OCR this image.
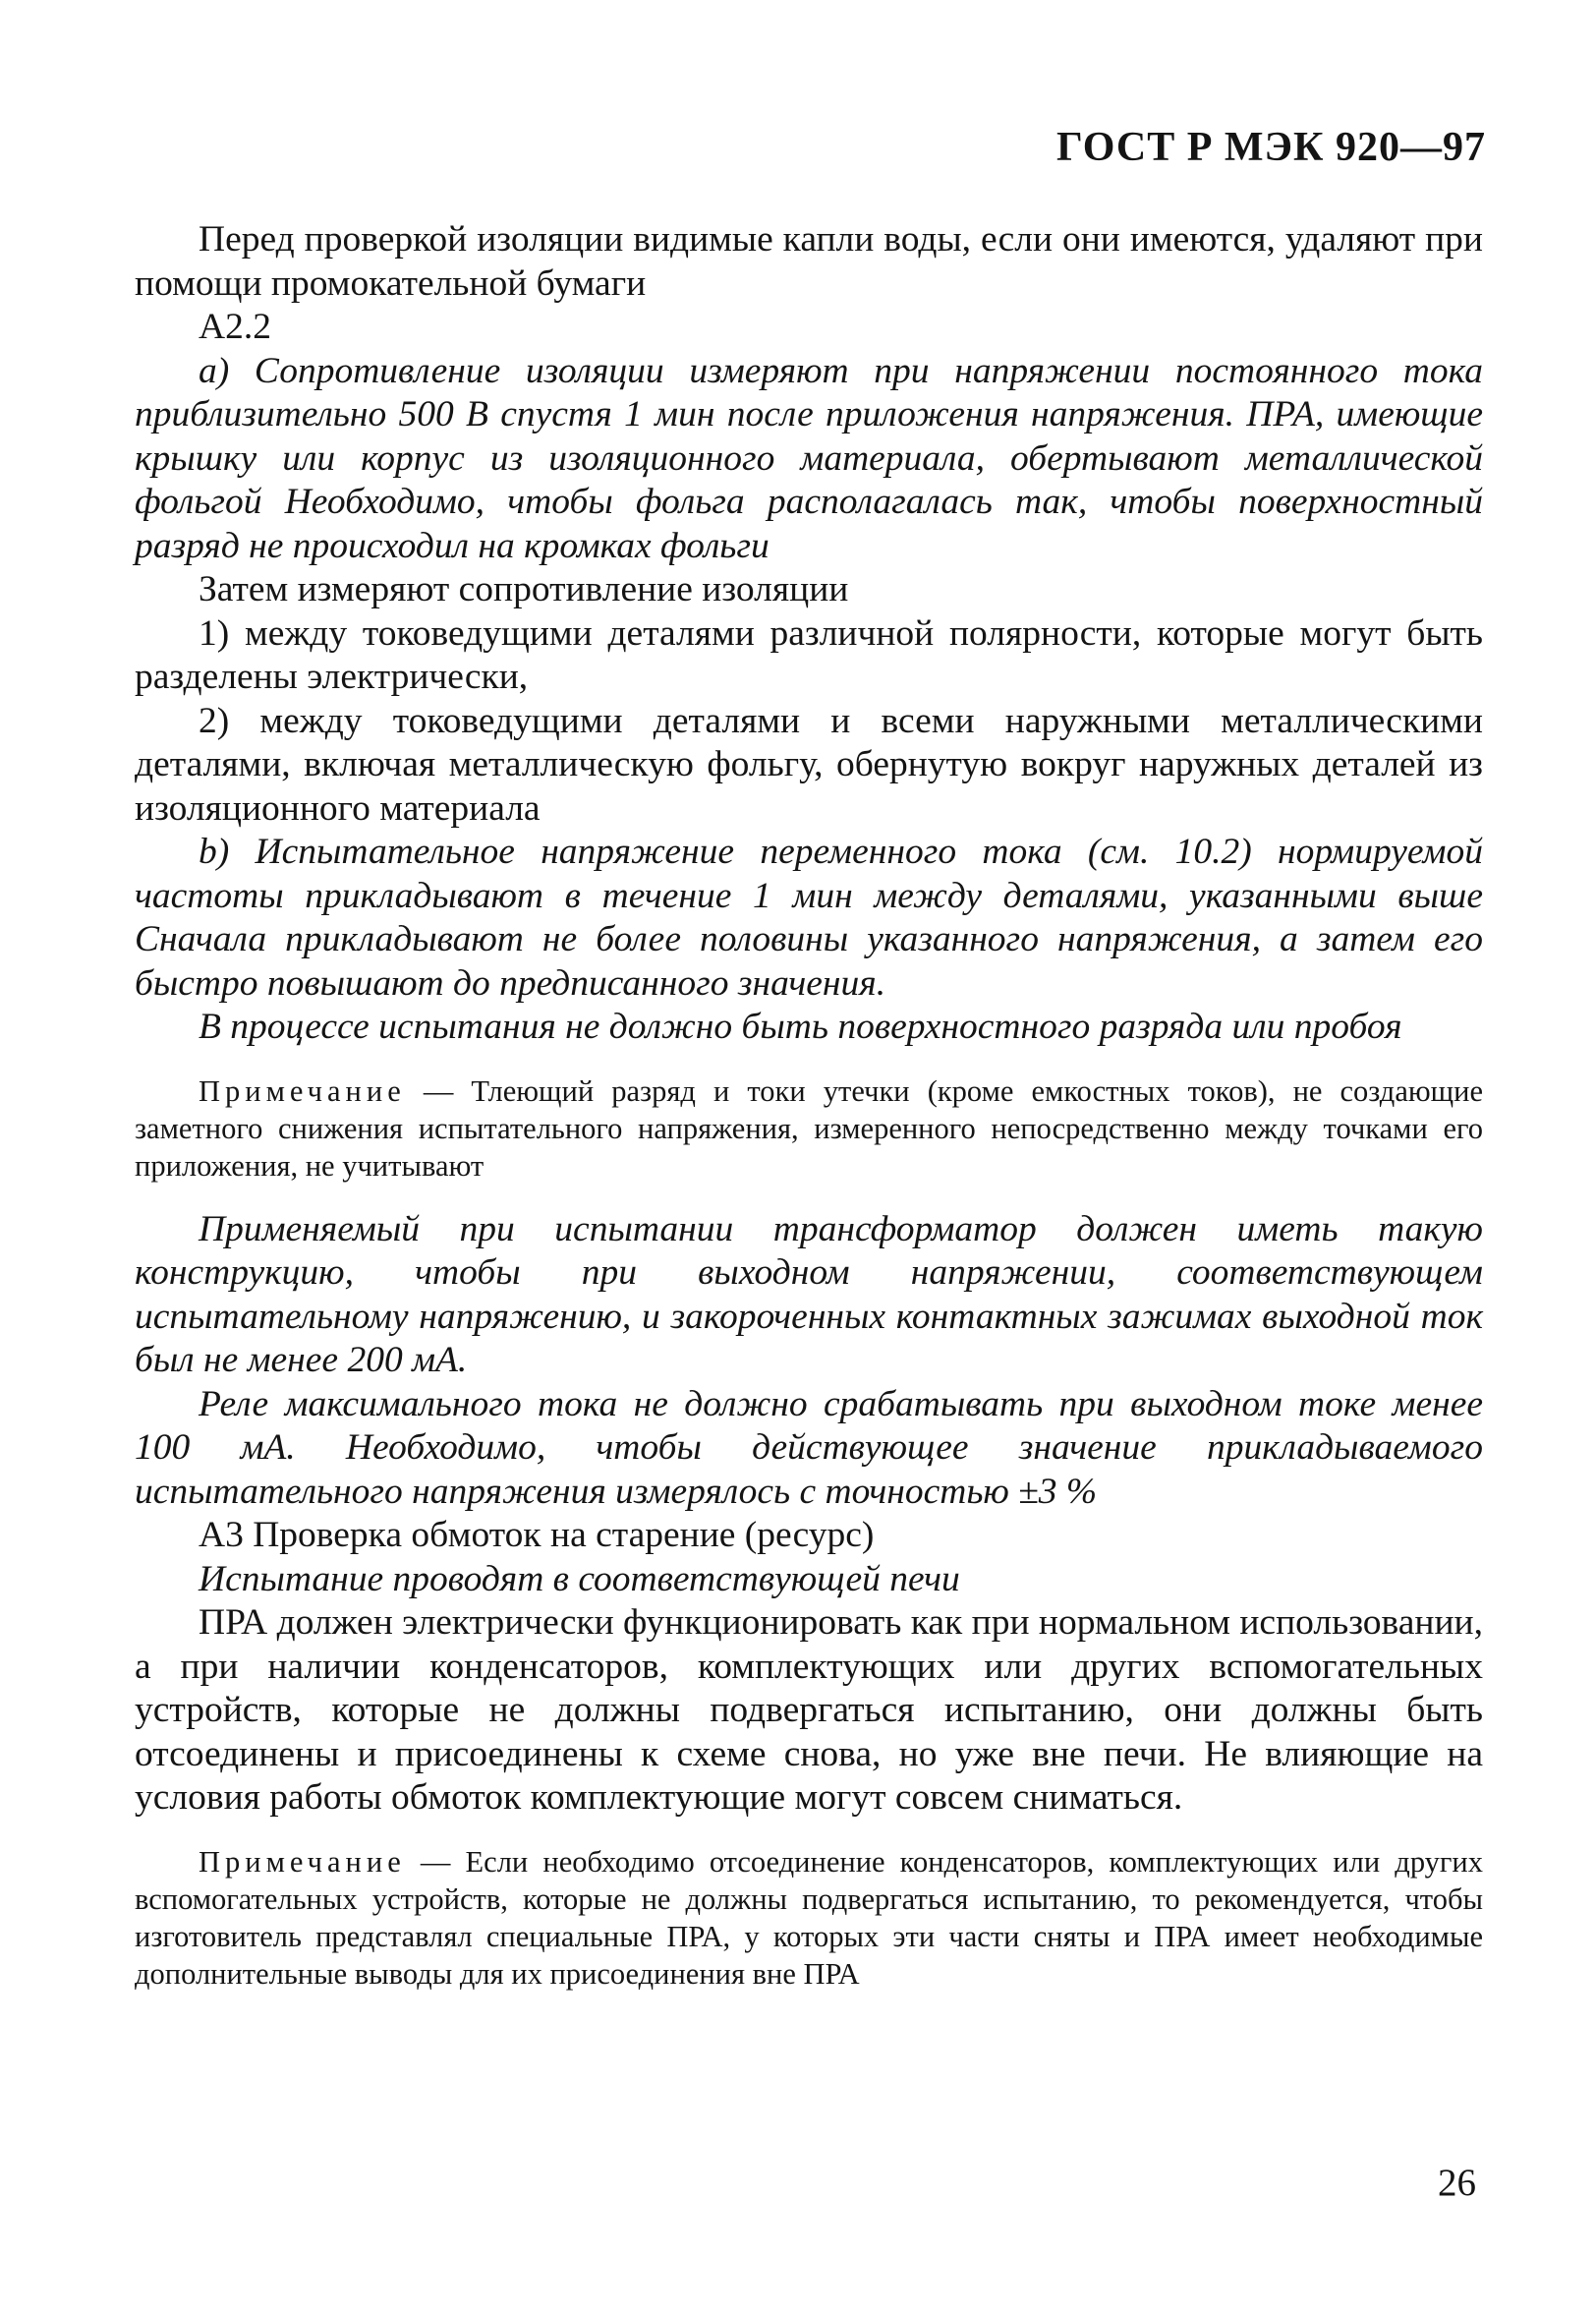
ГОСТ Р МЭК 920—97

Перед проверкой изоляции видимые капли воды, если они имеются, удаляют при помощи промокательной бумаги

А2.2

а) Сопротивление изоляции измеряют при напряжении постоянного тока приблизительно 500 В спустя 1 мин после приложения напряжения. ПРА, имеющие крышку или корпус из изоляционного материала, обертывают металлической фольгой Необходимо, чтобы фольга располагалась так, чтобы поверхностный разряд не происходил на кромках фольги

Затем измеряют сопротивление изоляции

1) между токоведущими деталями различной полярности, которые могут быть разделены электрически,

2) между токоведущими деталями и всеми наружными металлическими деталями, включая металлическую фольгу, обернутую вокруг наружных деталей из изоляционного материала

b) Испытательное напряжение переменного тока (см. 10.2) нормируемой частоты прикладывают в течение 1 мин между деталями, указанными выше Сначала прикладывают не более половины указанного напряжения, а затем его быстро повышают до предписанного значения.

В процессе испытания не должно быть поверхностного разряда или пробоя

Примечание — Тлеющий разряд и токи утечки (кроме емкостных токов), не создающие заметного снижения испытательного напряжения, измеренного непосредственно между точками его приложения, не учитывают

Применяемый при испытании трансформатор должен иметь такую конструкцию, чтобы при выходном напряжении, соответствующем испытательному напряжению, и закороченных контактных зажимах выходной ток был не менее 200 мА.

Реле максимального тока не должно срабатывать при выходном токе менее 100 мА. Необходимо, чтобы действующее значение прикладываемого испытательного напряжения измерялось с точностью ±3 %

А3 Проверка обмоток на старение (ресурс)

Испытание проводят в соответствующей печи

ПРА должен электрически функционировать как при нормальном использовании, а при наличии конденсаторов, комплектующих или других вспомогательных устройств, которые не должны подвергаться испытанию, они должны быть отсоединены и присоединены к схеме снова, но уже вне печи. Не влияющие на условия работы обмоток комплектующие могут совсем сниматься.

Примечание — Если необходимо отсоединение конденсаторов, комплектующих или других вспомогательных устройств, которые не должны подвергаться испытанию, то рекомендуется, чтобы изготовитель представлял специальные ПРА, у которых эти части сняты и ПРА имеет необходимые дополнительные выводы для их присоединения вне ПРА

26
